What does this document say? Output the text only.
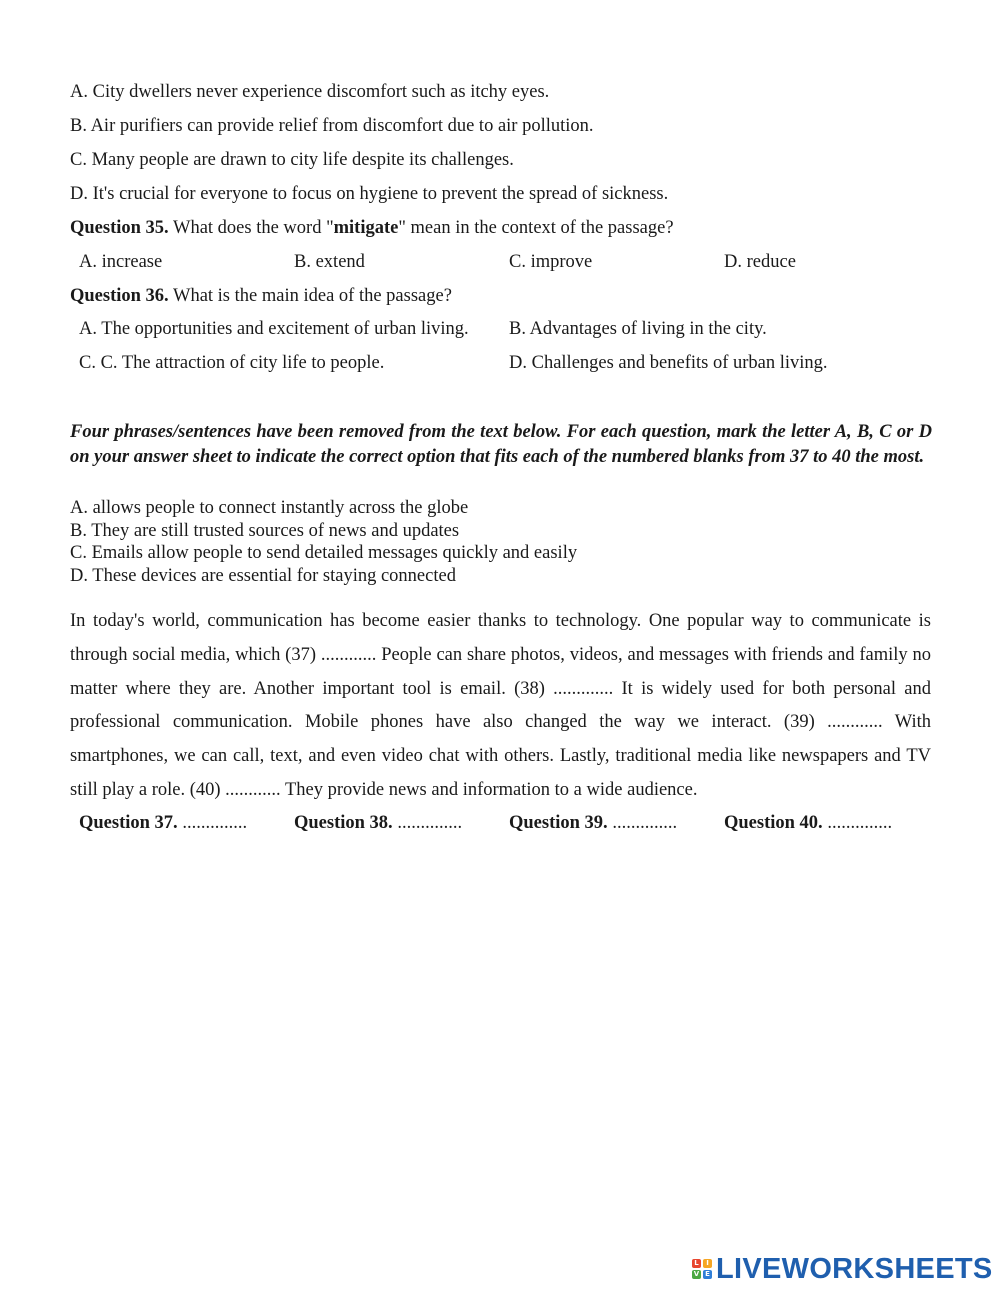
A. City dwellers never experience discomfort such as itchy eyes.
B. Air purifiers can provide relief from discomfort due to air pollution.
C. Many people are drawn to city life despite its challenges.
D. It's crucial for everyone to focus on hygiene to prevent the spread of sickness.
Question 35. What does the word "mitigate" mean in the context of the passage?
A. increase	B. extend	C. improve	D. reduce
Question 36. What is the main idea of the passage?
A. The opportunities and excitement of urban living. B. Advantages of living in the city.
C. C. The attraction of city life to people.	D. Challenges and benefits of urban living.
Four phrases/sentences have been removed from the text below. For each question, mark the letter A, B, C or D on your answer sheet to indicate the correct option that fits each of the numbered blanks from 37 to 40 the most.
A. allows people to connect instantly across the globe
B. They are still trusted sources of news and updates
C. Emails allow people to send detailed messages quickly and easily
D. These devices are essential for staying connected
In today's world, communication has become easier thanks to technology. One popular way to communicate is through social media, which (37) ............ People can share photos, videos, and messages with friends and family no matter where they are. Another important tool is email. (38) ............. It is widely used for both personal and professional communication. Mobile phones have also changed the way we interact. (39) ............ With smartphones, we can call, text, and even video chat with others. Lastly, traditional media like newspapers and TV still play a role. (40) ............ They provide news and information to a wide audience.
Question 37. ..............	Question 38. ..............	Question 39. ..............	Question 40. ..............
L	I
V E LIVEWORKSHEETS
